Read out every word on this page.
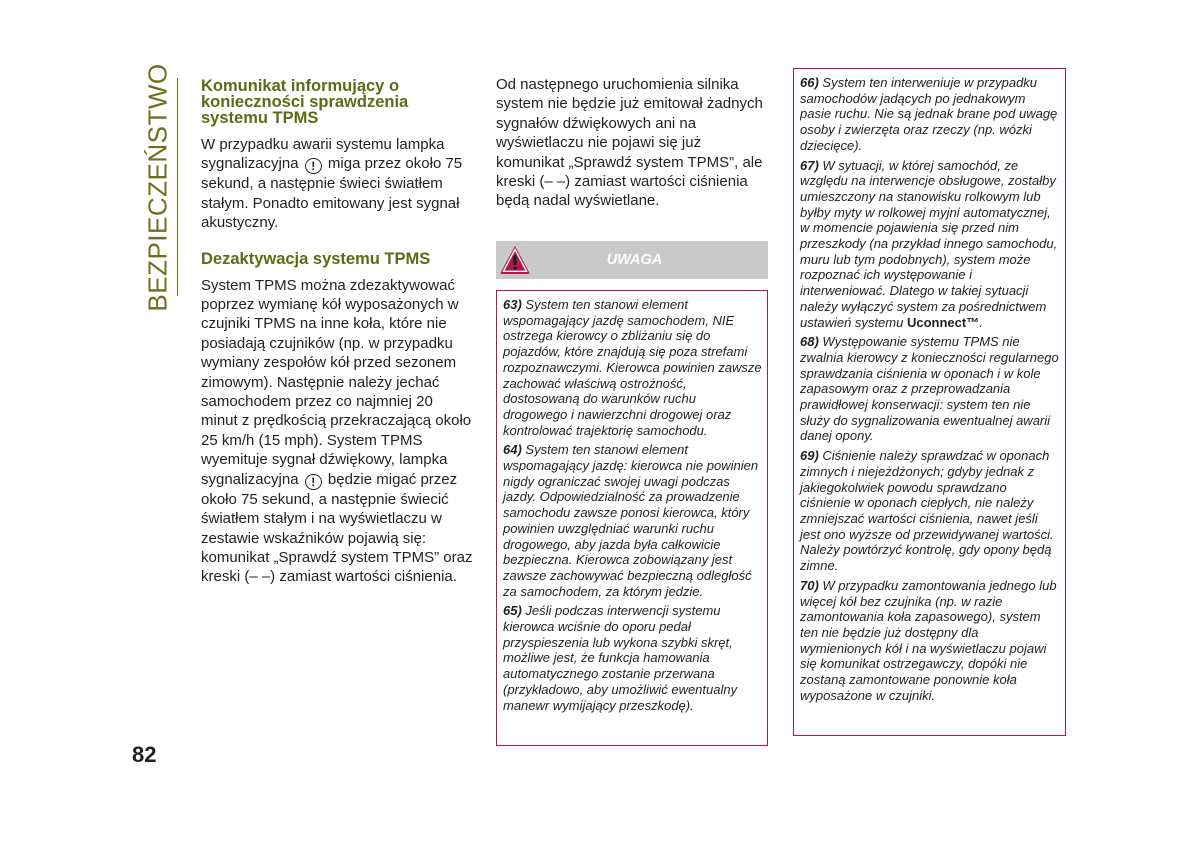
BEZPIECZEŃSTWO
82
Komunikat informujący o konieczności sprawdzenia systemu TPMS

W przypadku awarii systemu lampka sygnalizacyjna ! miga przez około 75 sekund, a następnie świeci światłem stałym. Ponadto emitowany jest sygnał akustyczny.

Dezaktywacja systemu TPMS

System TPMS można zdezaktywować poprzez wymianę kół wyposażonych w czujniki TPMS na inne koła, które nie posiadają czujników (np. w przypadku wymiany zespołów kół przed sezonem zimowym). Następnie należy jechać samochodem przez co najmniej 20 minut z prędkością przekraczającą około 25 km/h (15 mph). System TPMS wyemituje sygnał dźwiękowy, lampka sygnalizacyjna ! będzie migać przez około 75 sekund, a następnie świecić światłem stałym i na wyświetlaczu w zestawie wskaźników pojawią się: komunikat „Sprawdź system TPMS” oraz kreski (– –) zamiast wartości ciśnienia.

Od następnego uruchomienia silnika system nie będzie już emitował żadnych sygnałów dźwiękowych ani na wyświetlaczu nie pojawi się już komunikat „Sprawdź system TPMS”, ale kreski (– –) zamiast wartości ciśnienia będą nadal wyświetlane.

UWAGA

63) System ten stanowi element wspomagający jazdę samochodem, NIE ostrzega kierowcy o zbliżaniu się do pojazdów, które znajdują się poza strefami rozpoznawczymi. Kierowca powinien zawsze zachować właściwą ostrożność, dostosowaną do warunków ruchu drogowego i nawierzchni drogowej oraz kontrolować trajektorię samochodu.

64) System ten stanowi element wspomagający jazdę: kierowca nie powinien nigdy ograniczać swojej uwagi podczas jazdy. Odpowiedzialność za prowadzenie samochodu zawsze ponosi kierowca, który powinien uwzględniać warunki ruchu drogowego, aby jazda była całkowicie bezpieczna. Kierowca zobowiązany jest zawsze zachowywać bezpieczną odległość za samochodem, za którym jedzie.

65) Jeśli podczas interwencji systemu kierowca wciśnie do oporu pedał przyspieszenia lub wykona szybki skręt, możliwe jest, że funkcja hamowania automatycznego zostanie przerwana (przykładowo, aby umożliwić ewentualny manewr wymijający przeszkodę).

66) System ten interweniuje w przypadku samochodów jadących po jednakowym pasie ruchu. Nie są jednak brane pod uwagę osoby i zwierzęta oraz rzeczy (np. wózki dziecięce).

67) W sytuacji, w której samochód, ze względu na interwencje obsługowe, zostałby umieszczony na stanowisku rolkowym lub byłby myty w rolkowej myjni automatycznej, w momencie pojawienia się przed nim przeszkody (na przykład innego samochodu, muru lub tym podobnych), system może rozpoznać ich występowanie i interweniować. Dlatego w takiej sytuacji należy wyłączyć system za pośrednictwem ustawień systemu Uconnect™.

68) Występowanie systemu TPMS nie zwalnia kierowcy z konieczności regularnego sprawdzania ciśnienia w oponach i w kole zapasowym oraz z przeprowadzania prawidłowej konserwacji: system ten nie służy do sygnalizowania ewentualnej awarii danej opony.

69) Ciśnienie należy sprawdzać w oponach zimnych i niejeżdżonych; gdyby jednak z jakiegokolwiek powodu sprawdzano ciśnienie w oponach ciepłych, nie należy zmniejszać wartości ciśnienia, nawet jeśli jest ono wyższe od przewidywanej wartości. Należy powtórzyć kontrolę, gdy opony będą zimne.

70) W przypadku zamontowania jednego lub więcej kół bez czujnika (np. w razie zamontowania koła zapasowego), system ten nie będzie już dostępny dla wymienionych kół i na wyświetlaczu pojawi się komunikat ostrzegawczy, dopóki nie zostaną zamontowane ponownie koła wyposażone w czujniki.
